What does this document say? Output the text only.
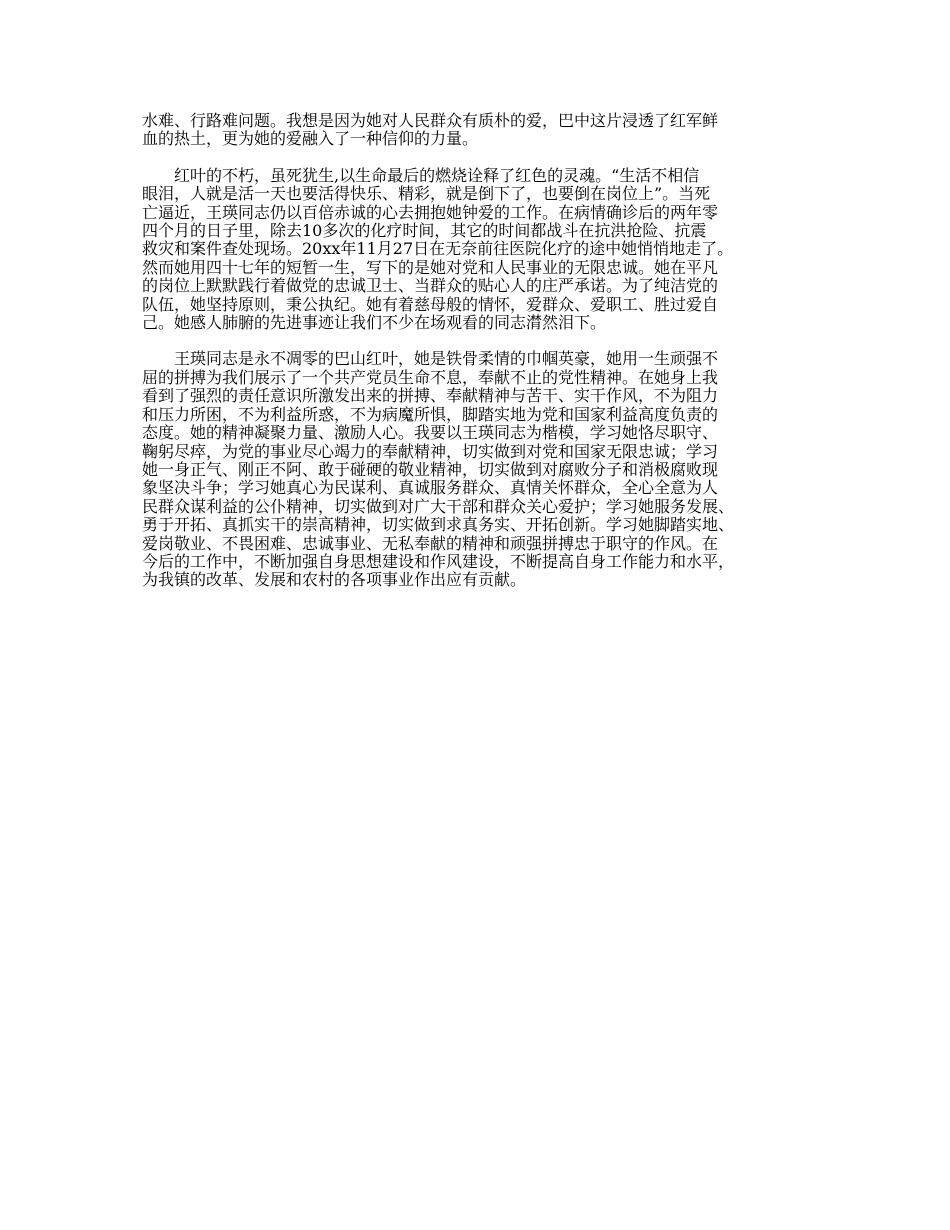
水难、行路难问题。我想是因为她对人民群众有质朴的爱，巴中这片浸透了红军鲜
血的热土，更为她的爱融入了一种信仰的力量。
　　红叶的不朽，虽死犹生,以生命最后的燃烧诠释了红色的灵魂。“生活不相信
眼泪，人就是活一天也要活得快乐、精彩，就是倒下了，也要倒在岗位上”。当死
亡逼近，王瑛同志仍以百倍赤诚的心去拥抱她钟爱的工作。在病情确诊后的两年零
四个月的日子里，除去10多次的化疗时间，其它的时间都战斗在抗洪抢险、抗震
救灾和案件查处现场。20xx年11月27日在无奈前往医院化疗的途中她悄悄地走了。
然而她用四十七年的短暂一生，写下的是她对党和人民事业的无限忠诚。她在平凡
的岗位上默默践行着做党的忠诚卫士、当群众的贴心人的庄严承诺。为了纯洁党的
队伍，她坚持原则，秉公执纪。她有着慈母般的情怀，爱群众、爱职工、胜过爱自
己。她感人肺腑的先进事迹让我们不少在场观看的同志潸然泪下。
　　王瑛同志是永不凋零的巴山红叶，她是铁骨柔情的巾帼英豪，她用一生顽强不
屈的拼搏为我们展示了一个共产党员生命不息，奉献不止的党性精神。在她身上我
看到了强烈的责任意识所激发出来的拼搏、奉献精神与苦干、实干作风，不为阻力
和压力所困，不为利益所惑，不为病魔所惧，脚踏实地为党和国家利益高度负责的
态度。她的精神凝聚力量、激励人心。我要以王瑛同志为楷模，学习她恪尽职守、
鞠躬尽瘁，为党的事业尽心竭力的奉献精神，切实做到对党和国家无限忠诚；学习
她一身正气、刚正不阿、敢于碰硬的敬业精神，切实做到对腐败分子和消极腐败现
象坚决斗争；学习她真心为民谋利、真诚服务群众、真情关怀群众，全心全意为人
民群众谋利益的公仆精神，切实做到对广大干部和群众关心爱护；学习她服务发展、
勇于开拓、真抓实干的崇高精神，切实做到求真务实、开拓创新。学习她脚踏实地、
爱岗敬业、不畏困难、忠诚事业、无私奉献的精神和顽强拼搏忠于职守的作风。在
今后的工作中，不断加强自身思想建设和作风建设，不断提高自身工作能力和水平，
为我镇的改革、发展和农村的各项事业作出应有贡献。
